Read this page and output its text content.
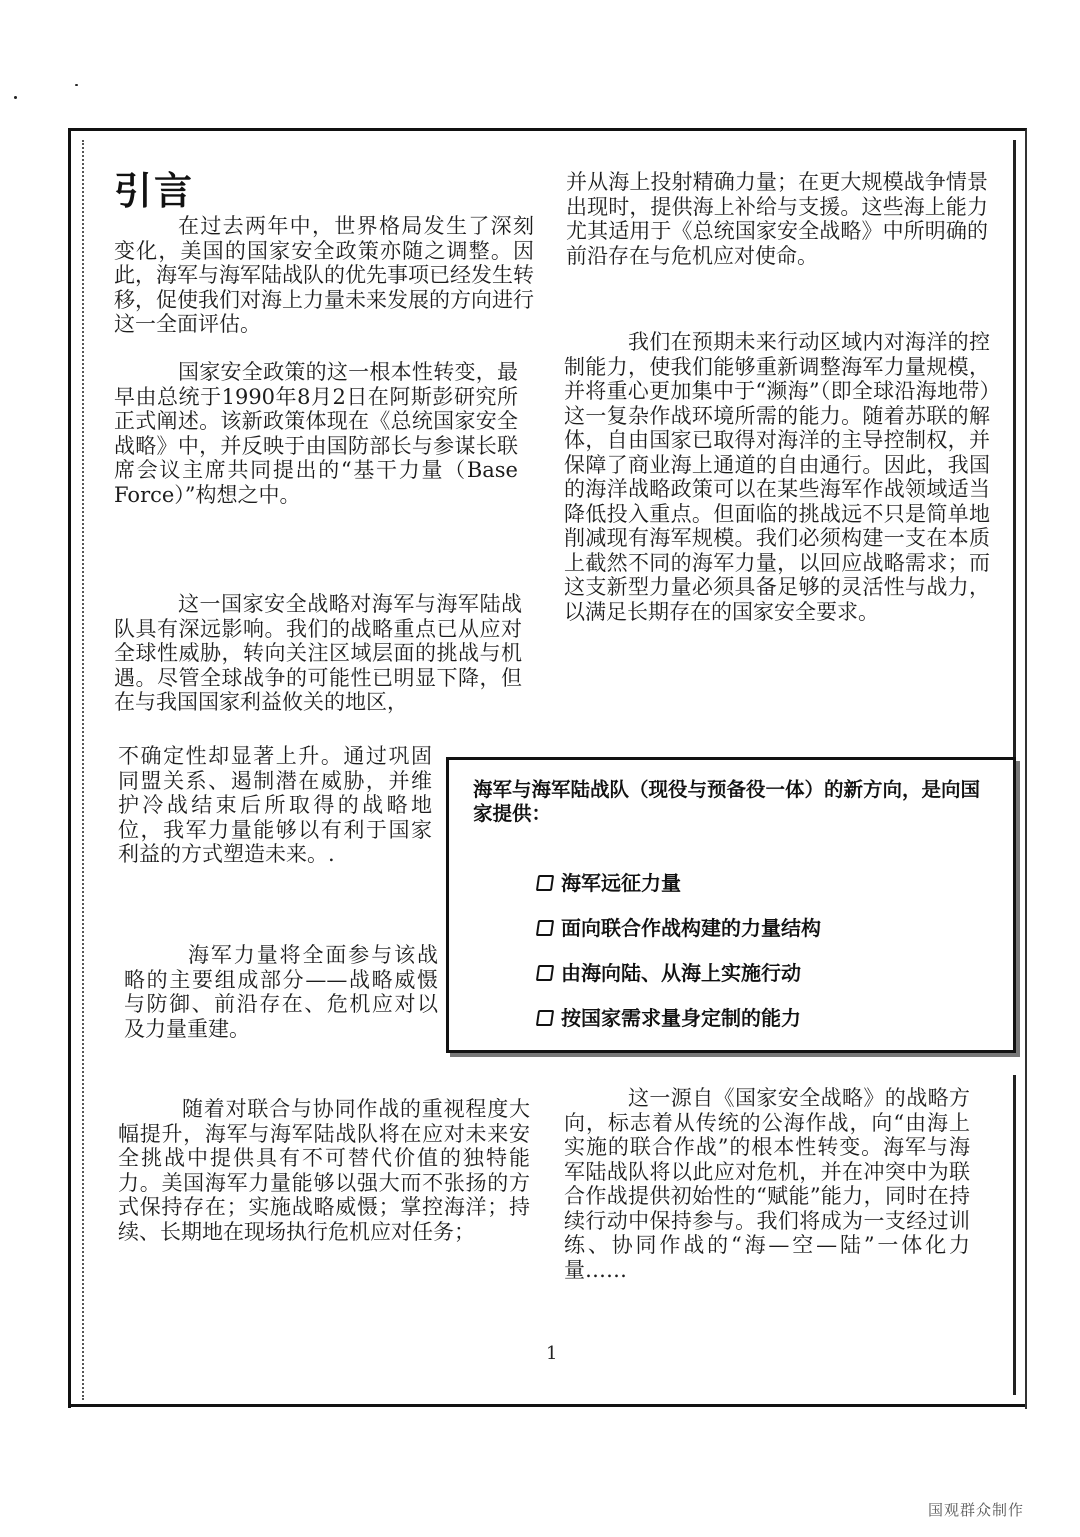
引言

在过去两年中，世界格局发生了深刻变化，美国的国家安全政策亦随之调整。因此，海军与海军陆战队的优先事项已经发生转移，促使我们对海上力量未来发展的方向进行这一全面评估。

国家安全政策的这一根本性转变，最早由总统于1990年8月2日在阿斯彭研究所正式阐述。该新政策体现在《总统国家安全战略》中，并反映于由国防部长与参谋长联席会议主席共同提出的“基干力量（Base　Force）”构想之中。

这一国家安全战略对海军与海军陆战队具有深远影响。我们的战略重点已从应对全球性威胁，转向关注区域层面的挑战与机遇。尽管全球战争的可能性已明显下降，但在与我国国家利益攸关的地区，

不确定性却显著上升。通过巩固同盟关系、遏制潜在威胁，并维护冷战结束后所取得的战略地位，我军力量能够以有利于国家利益的方式塑造未来。.

海军力量将全面参与该战略的主要组成部分——战略威慑与防御、前沿存在、危机应对以及力量重建。

随着对联合与协同作战的重视程度大幅提升，海军与海军陆战队将在应对未来安全挑战中提供具有不可替代价值的独特能力。美国海军力量能够以强大而不张扬的方式保持存在；实施战略威慑；掌控海洋；持续、长期地在现场执行危机应对任务；

并从海上投射精确力量；在更大规模战争情景出现时，提供海上补给与支援。这些海上能力尤其适用于《总统国家安全战略》中所明确的前沿存在与危机应对使命。

我们在预期未来行动区域内对海洋的控制能力，使我们能够重新调整海军力量规模，并将重心更加集中于“濒海”（即全球沿海地带）这一复杂作战环境所需的能力。随着苏联的解体，自由国家已取得对海洋的主导控制权，并保障了商业海上通道的自由通行。因此，我国的海洋战略政策可以在某些海军作战领域适当降低投入重点。但面临的挑战远不只是简单地削减现有海军规模。我们必须构建一支在本质上截然不同的海军力量，以回应战略需求；而这支新型力量必须具备足够的灵活性与战力，以满足长期存在的国家安全要求。

这一源自《国家安全战略》的战略方向，标志着从传统的公海作战，向“由海上实施的联合作战”的根本性转变。海军与海军陆战队将以此应对危机，并在冲突中为联合作战提供初始性的“赋能”能力，同时在持续行动中保持参与。我们将成为一支经过训练、协同作战的“海—空—陆”一体化力量……

海军与海军陆战队（现役与预备役一体）的新方向，是向国家提供：

海军远征力量
面向联合作战构建的力量结构
由海向陆、从海上实施行动
按国家需求量身定制的能力
1
国观群众制作
